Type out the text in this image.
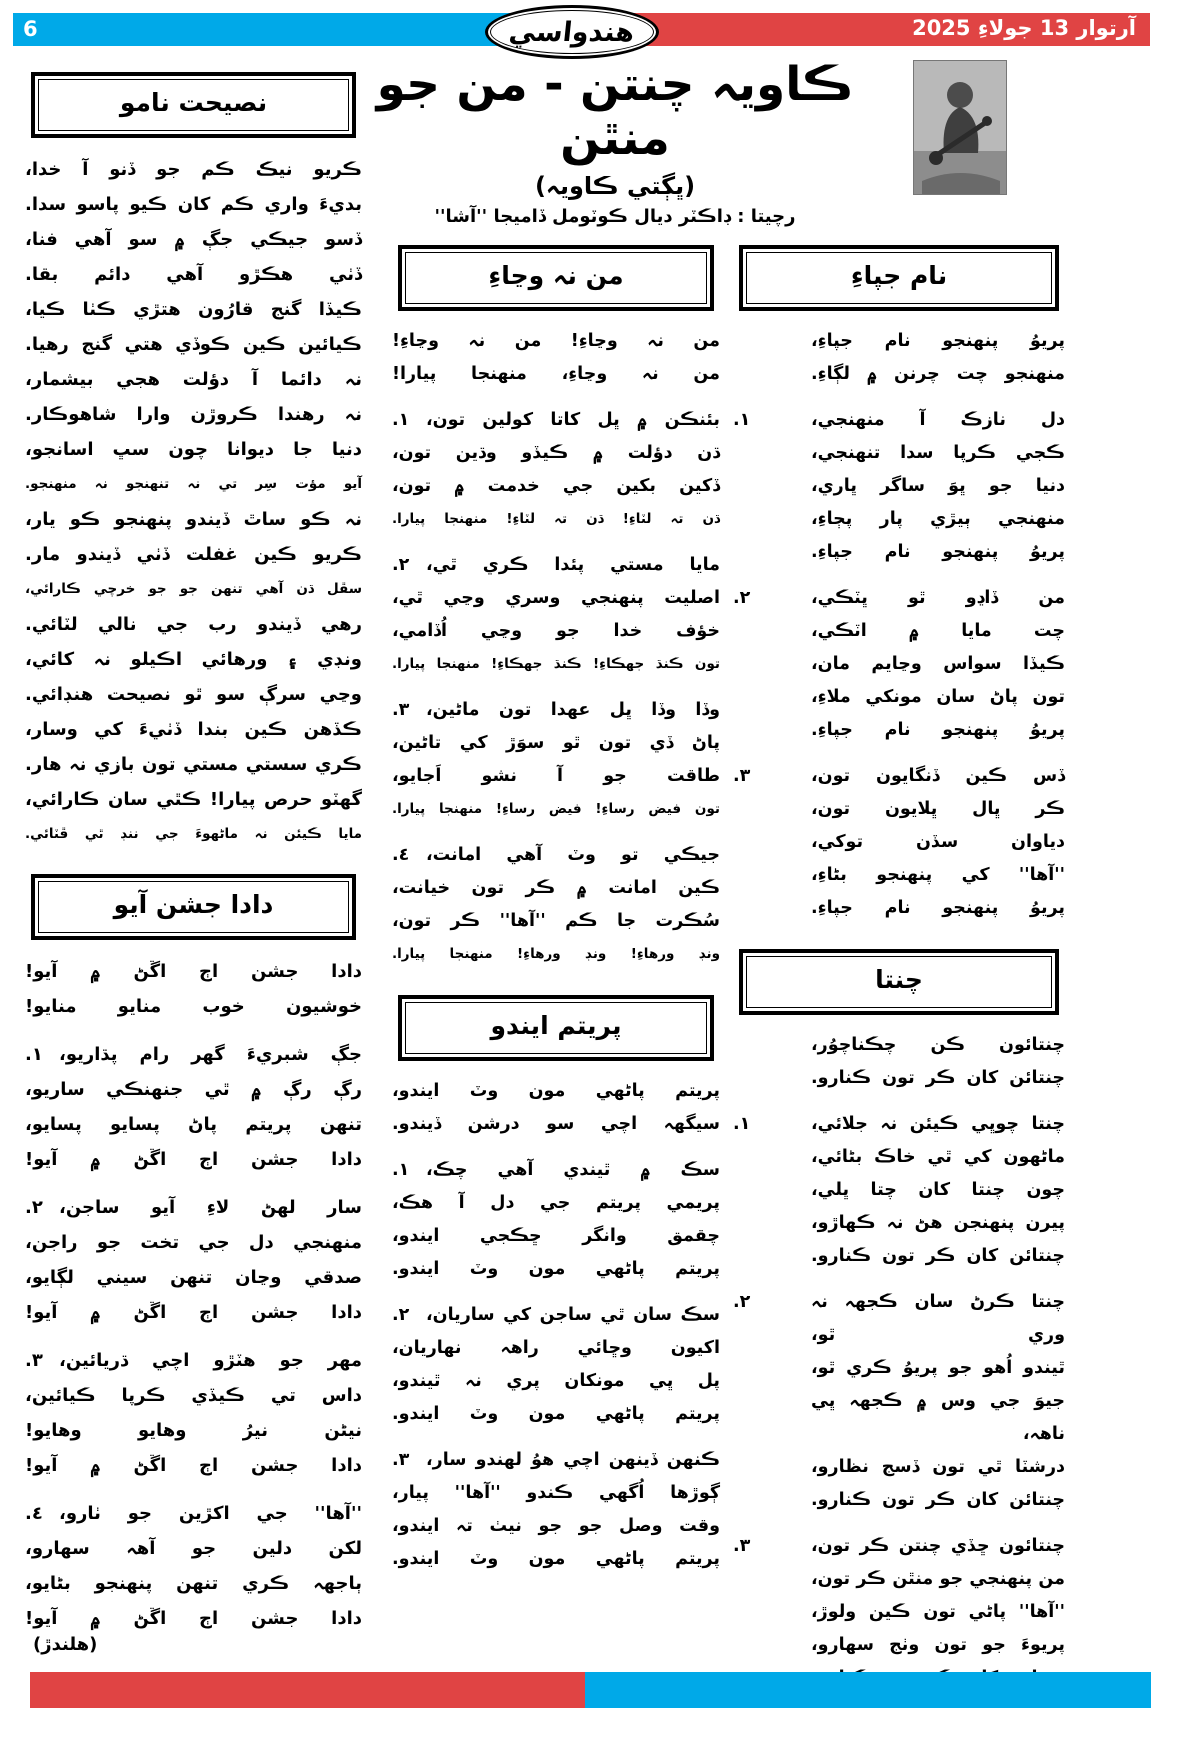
6	آرتوار 13 جولاءِ 2025
هندواسي
ڪاويہ چنتن - من جو منٿن
(ڀڳتي ڪاويہ)
رچيتا : ڊاڪٽر ديال ڪوٽومل ڏاميجا ''آشا''
نصيحت نامو
ڪريو نيڪ ڪم جو ڏنو آ خدا،
بديءَ واري ڪم کان ڪيو پاسو سدا.
ڏسو جيڪي جڳ ۾ سو آهي فنا،
ڏٺي هڪڙو آهي دائم بقا.
ڪيڏا گنج قارُون هتڙي ڪٺا ڪيا،
ڪيائين ڪين ڪوڏي هتي گنج رهيا.
نہ دائما آ دؤلت هجي بيشمار،
نہ رهندا ڪروڙن وارا شاهوڪار.
دنيا جا ديوانا چون سڀ اسانجو،
آيو مؤت سِر تي نہ تنهنجو نہ منهنجو.
نہ ڪو ساٿ ڏيندو پنهنجو ڪو يار،
ڪريو ڪين غفلت ڏٺي ڏيندو مار.
سڦل ڌن آهي تنهن جو جو خرچي ڪارائي،
رهي ڏيندو رب جي نالي لٽائي.
ونڊي ۽ ورهائي اڪيلو نہ کائي،
وڃي سرڳ سو ٿو نصيحت هنڊائي.
ڪڏهن ڪين بندا ڏٺيءَ کي وسار،
ڪري سستي مستي تون بازي نہ هار.
گهٽو حرص پيارا! ڪٿي سان ڪارائي،
مايا ڪيئن نہ ماڻهوءَ جي ننڊ ٿي ڦٽائي.
دادا جشن آيو
دادا جشن اڄ اڱڻ ۾ آيو!
خوشيون خوب منايو منايو!
جڳ شبريءَ گهر رام پڌاريو،
١.
رڳ رڳ ۾ ٿي جنهنڪي ساريو،
تنهن پريتم پاڻ پسايو پسايو،
دادا جشن اڄ اڱڻ ۾ آيو!
سار لهڻ لاءِ آيو ساجن،
٢.
منهنجي دل جي تخت جو راجن،
صدقي وڃان تنهن سيني لڳايو،
دادا جشن اڄ اڱڻ ۾ آيو!
مهر جو هٽڙو اچي ڌريائين،
٣.
داس تي ڪيڏي ڪرپا ڪيائين،
نيڻن نيرُ وهايو وهايو!
دادا جشن اڄ اڱڻ ۾ آيو!
''آها'' جي اکڙين جو ٺارو،
٤.
لکن دلين جو آهہ سهارو،
ٻاجهہ ڪري تنهن پنهنجو بڻايو،
دادا جشن اڄ اڱڻ ۾ آيو!
من نہ وڃاءِ
من نہ وڃاءِ! من نہ وڃاءِ!
من نہ وڃاءِ، منهنجا پيارا!
بئنڪن ۾ ڀل کاتا کولين تون،
١.
ڌن دؤلت ۾ ڪيڏو وڌين تون،
ڏکين بکين جي خدمت ۾ تون،
ڌن تہ لٽاءِ! ڌن تہ لٽاءِ! منهنجا پيارا.
مايا مستي پئدا ڪري ٿي،
٢.
اصليت پنهنجي وسري وڃي ٿي،
خؤف خدا جو وڃي اُڏامي،
تون ڪنڌ جهڪاءِ! ڪنڌ جهڪاءِ! منهنجا پيارا.
وڏا وڏا ڀل عهدا تون ماڻين،
٣.
پاڻ ڏي تون ٿو سوَڙ کي تاڻين،
طاقت جو آ نشو اَجايو،
تون فيض رساءِ! فيض رساءِ! منهنجا پيارا.
جيڪي تو وٽ آهي امانت،
٤.
ڪين امانت ۾ ڪر تون خيانت،
سُڪرت جا ڪم ''آها'' ڪر تون،
ونڊ ورهاءِ! ونڊ ورهاءِ! منهنجا پيارا.
پريتم ايندو
پريتم پاڻهي مون وٽ ايندو،
سيگهہ اچي سو درشن ڏيندو.
سڪ ۾ ٿيندي آهي چڪ،
١.
پريمي پريتم جي دل آ هڪ،
چقمق وانگر ڇڪجي ايندو،
پريتم پاڻهي مون وٽ ايندو.
سڪ سان ٿي ساجن کي ساريان،
٢.
اکيون وڇائي راهہ نهاريان،
پل ڀي مونکان پري نہ ٿيندو،
پريتم پاڻهي مون وٽ ايندو.
ڪنهن ڏينهن اچي هوُ لهندو سار،
٣.
ڳوڙها اُگهي ڪندو ''آها'' پيار،
وقت وصل جو جو نيٺ تہ ايندو،
پريتم پاڻهي مون وٽ ايندو.
نام جپاءِ
پريوُ پنهنجو نام جپاءِ،
منهنجو چت چرنن ۾ لڳاءِ.
دل نازڪ آ منهنجي،
١.
ڪجي ڪرپا سدا تنهنجي،
دنيا جو ڀوَ ساگر ڀاري،
منهنجي ٻيڙي پار پڄاءِ،
پريوُ پنهنجو نام جپاءِ.
من ڏاڍو ٿو ڀٽڪي،
٢.
چت مايا ۾ اٽڪي،
ڪيڏا سواس وڃايم مان،
تون پاڻ سان مونکي ملاءِ،
پريوُ پنهنجو نام جپاءِ.
ڏس ڪين ڏنگايون تون،
٣.
ڪر ڀال ڀلايون تون،
دياوان سڏن توکي،
''آها'' کي پنهنجو بڻاءِ،
پريوُ پنهنجو نام جپاءِ.
چنتا
چنتائون ڪن چڪناچوُر،
چنتائن کان ڪر تون ڪنارو.
چنتا چوڀي ڪيئن نہ جلائي،
١.
ماڻهون کي ٿي خاڪ بڻائي،
چون چنتا کان چتا ڀلي،
پيرن پنهنجن هڻ نہ ڪهاڙو،
چنتائن کان ڪر تون ڪنارو.
چنتا ڪرڻ سان ڪجهہ نہ وري ٿو،
٢.
ٿيندو اُهو جو پريوُ ڪري ٿو،
جيوَ جي وس ۾ ڪجهہ ڀي ناهہ،
درشٽا ٿي تون ڏسج نظارو،
چنتائن کان ڪر تون ڪنارو.
چنتائون ڇڏي چنتن ڪر تون،
٣.
من پنهنجي جو منٿن ڪر تون،
''آها'' پاڻي تون ڪين ولوڙ،
پريوءَ جو تون وٺج سهارو،
(هلندڙ)
